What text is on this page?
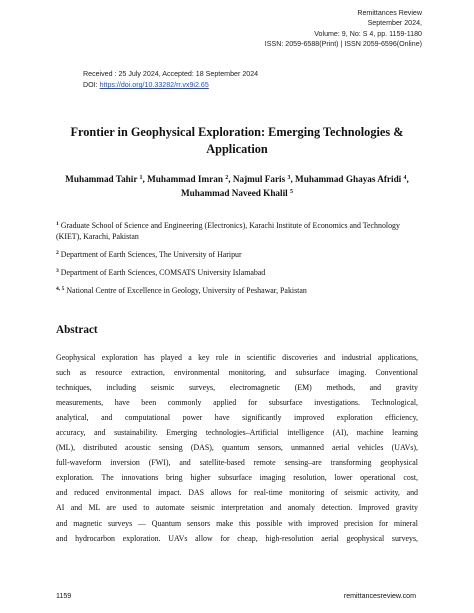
Remittances Review
September 2024,
Volume: 9, No: S 4, pp. 1159-1180
ISSN: 2059-6588(Print) | ISSN 2059-6596(Online)
Received : 25 July 2024, Accepted: 18 September 2024
DOI: https://doi.org/10.33282/rr.vx9i2.65
Frontier in Geophysical Exploration: Emerging Technologies &
Application
Muhammad Tahir $^1$, Muhammad Imran $^2$, Najmul Faris $^3$, Muhammad Ghayas Afridi $^4$,
Muhammad Naveed Khalil $^5$
$^1$ Graduate School of Science and Engineering (Electronics), Karachi Institute of Economics and Technology (KIET), Karachi, Pakistan
$^2$ Department of Earth Sciences, The University of Haripur
$^3$ Department of Earth Sciences, COMSATS University Islamabad
$^{4, 5}$ National Centre of Excellence in Geology, University of Peshawar, Pakistan
Abstract
Geophysical exploration has played a key role in scientific discoveries and industrial applications,
such as resource extraction, environmental monitoring, and subsurface imaging. Conventional
techniques, including seismic surveys, electromagnetic (EM) methods, and gravity
measurements, have been commonly applied for subsurface investigations. Technological,
analytical, and computational power have significantly improved exploration efficiency,
accuracy, and sustainability. Emerging technologies–Artificial intelligence (AI), machine learning
(ML), distributed acoustic sensing (DAS), quantum sensors, unmanned aerial vehicles (UAVs),
full-waveform inversion (FWI), and satellite-based remote sensing–are transforming geophysical
exploration. The innovations bring higher subsurface imaging resolution, lower operational cost,
and reduced environmental impact. DAS allows for real-time monitoring of seismic activity, and
AI and ML are used to automate seismic interpretation and anomaly detection. Improved gravity
and magnetic surveys — Quantum sensors make this possible with improved precision for mineral
and hydrocarbon exploration. UAVs allow for cheap, high-resolution aerial geophysical surveys,
1159	remittancesreview.com
